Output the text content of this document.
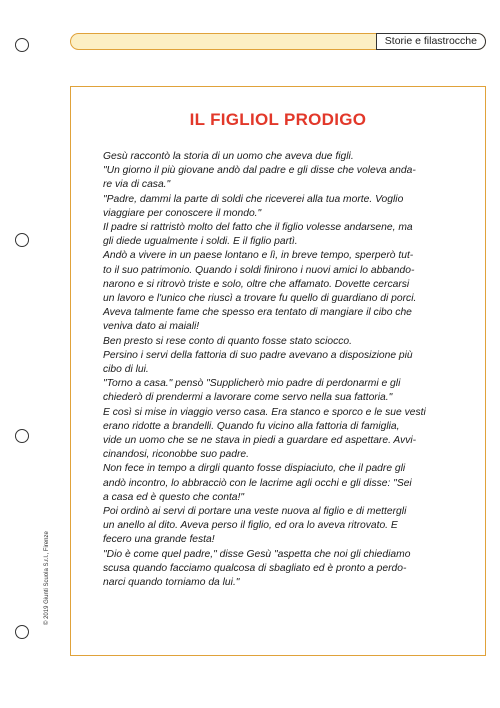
Storie e filastrocche
IL FIGLIOL PRODIGO

Gesù raccontò la storia di un uomo che aveva due figli.

"Un giorno il più giovane andò dal padre e gli disse che voleva anda-

re via di casa."

"Padre, dammi la parte di soldi che riceverei alla tua morte. Voglio

viaggiare per conoscere il mondo."

Il padre si rattristò molto del fatto che il figlio volesse andarsene, ma

gli diede ugualmente i soldi. E il figlio partì.

Andò a vivere in un paese lontano e lì, in breve tempo, sperperò tut-

to il suo patrimonio. Quando i soldi finirono i nuovi amici lo abbando-

narono e si ritrovò triste e solo, oltre che affamato. Dovette cercarsi

un lavoro e l'unico che riuscì a trovare fu quello di guardiano di porci.

Aveva talmente fame che spesso era tentato di mangiare il cibo che

veniva dato ai maiali!

Ben presto si rese conto di quanto fosse stato sciocco.

Persino i servi della fattoria di suo padre avevano a disposizione più

cibo di lui.

"Torno a casa." pensò "Supplicherò mio padre di perdonarmi e gli

chiederò di prendermi a lavorare come servo nella sua fattoria."

E così si mise in viaggio verso casa. Era stanco e sporco e le sue vesti

erano ridotte a brandelli. Quando fu vicino alla fattoria di famiglia,

vide un uomo che se ne stava in piedi a guardare ed aspettare. Avvi-

cinandosi, riconobbe suo padre.

Non fece in tempo a dirgli quanto fosse dispiaciuto, che il padre gli

andò incontro, lo abbracciò con le lacrime agli occhi e gli disse: "Sei

a casa ed è questo che conta!"

Poi ordinò ai servi di portare una veste nuova al figlio e di mettergli

un anello al dito. Aveva perso il figlio, ed ora lo aveva ritrovato. E

fecero una grande festa!

"Dio è come quel padre," disse Gesù "aspetta che noi gli chiediamo

scusa quando facciamo qualcosa di sbagliato ed è pronto a perdo-

narci quando torniamo da lui."

© 2019 Giunti Scuola S.r.l., Firenze
